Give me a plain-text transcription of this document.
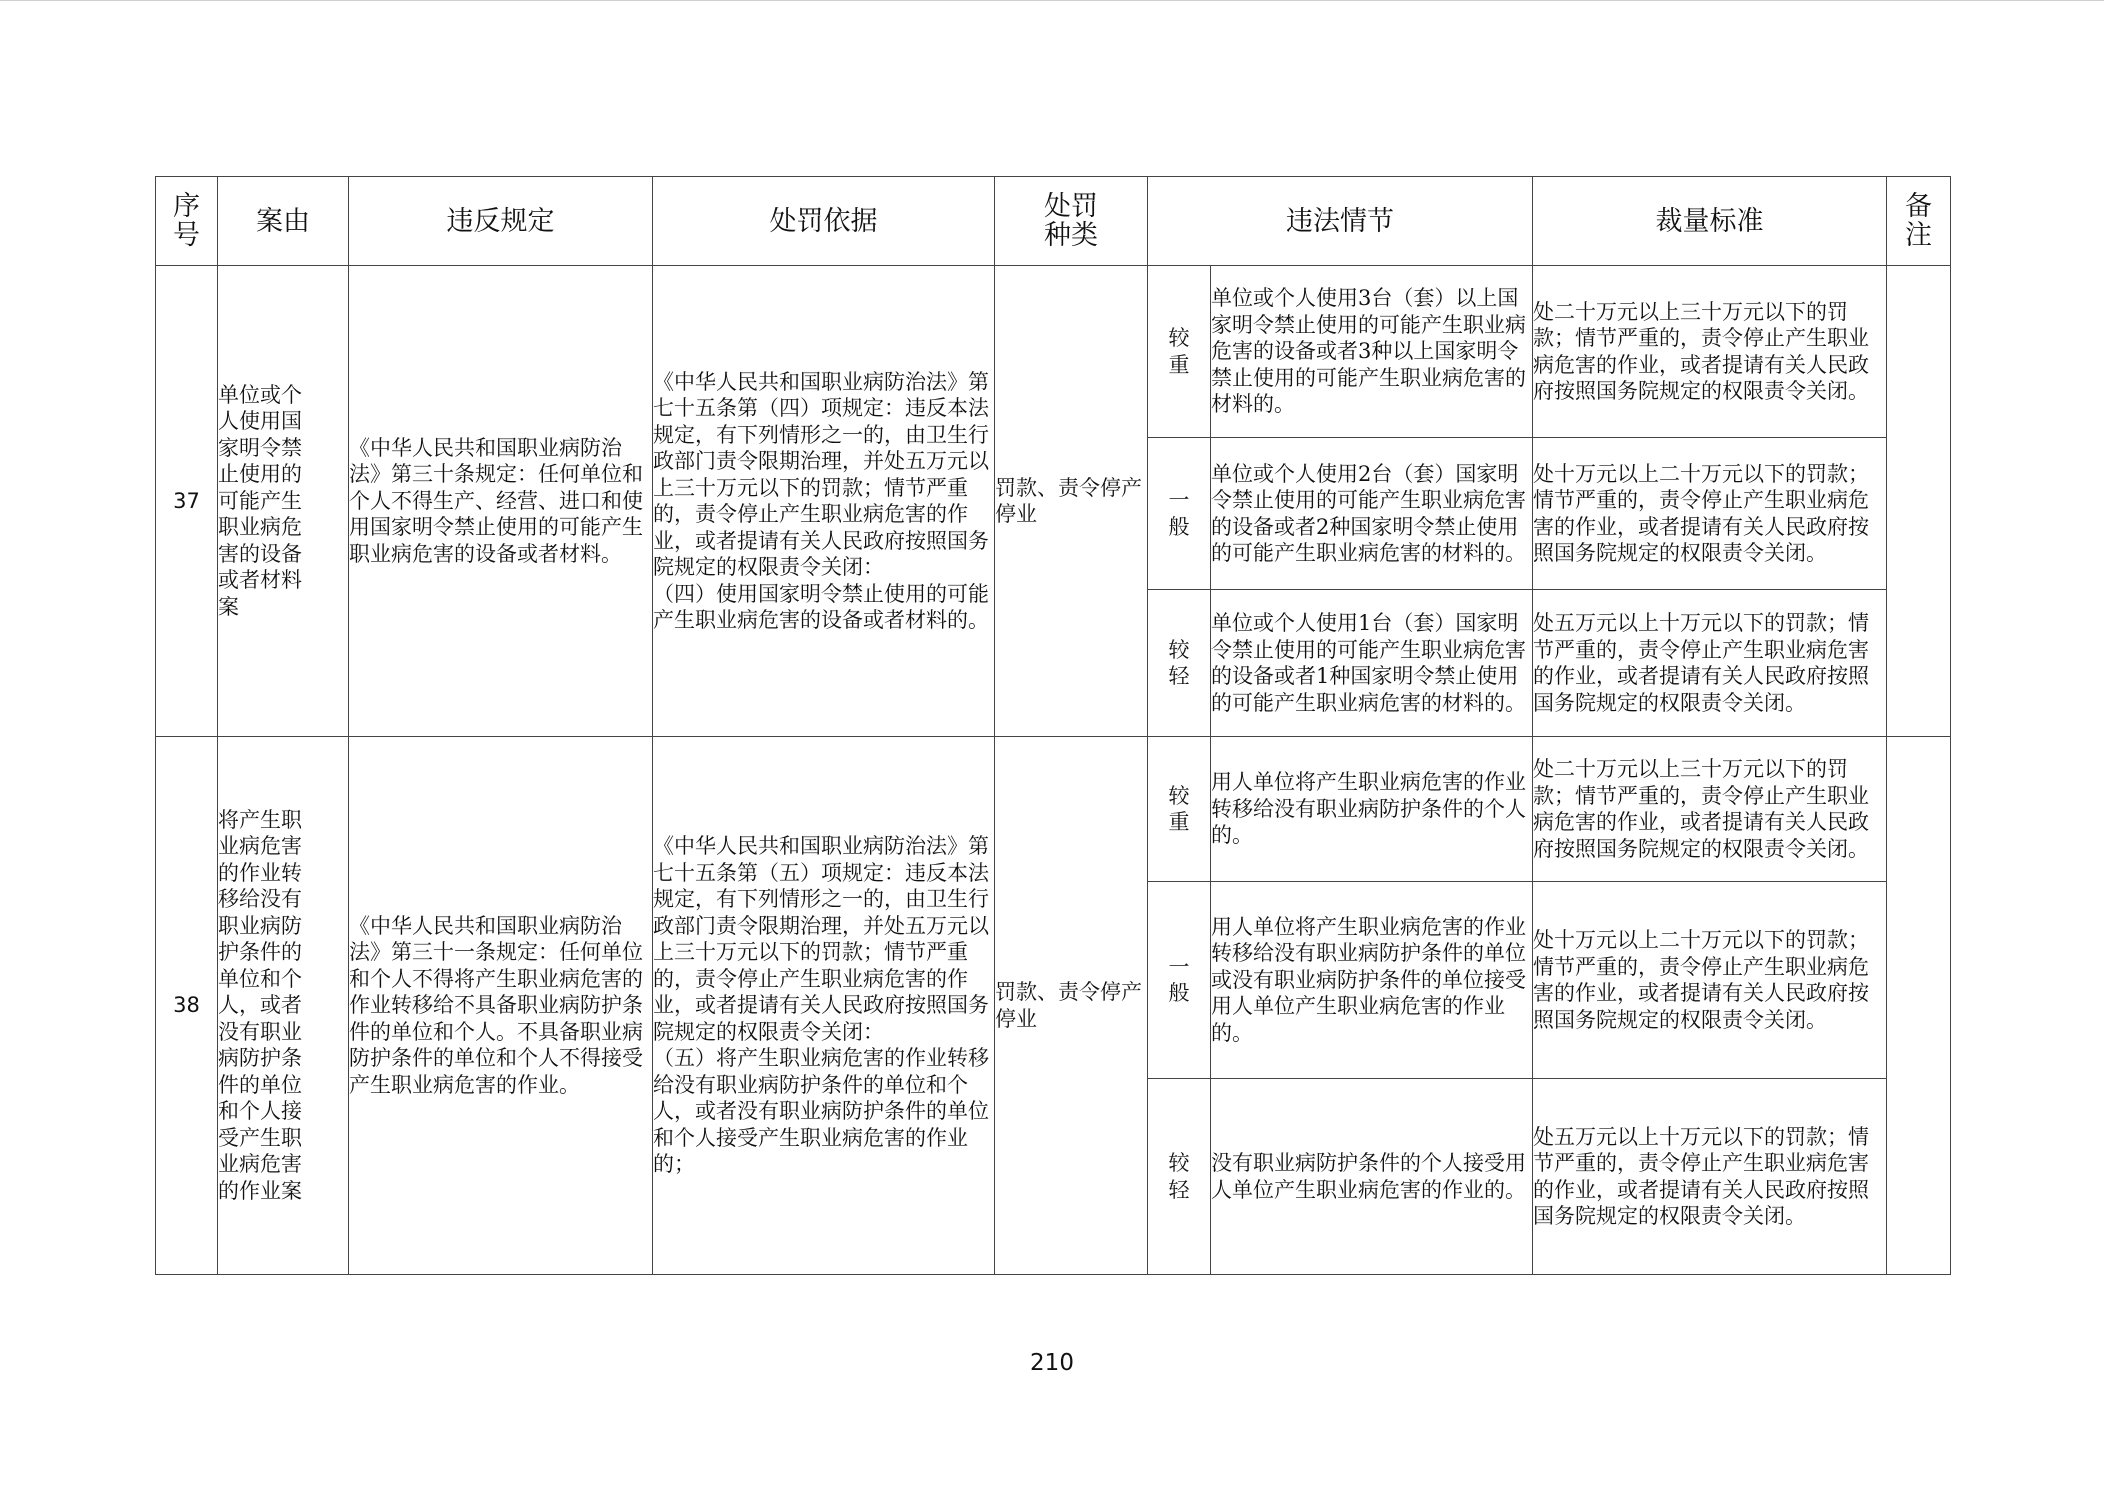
序号	案由	违反规定	处罚依据	处罚种类	违法情节		裁量标准	备注
37	单位或个人使用国家明令禁止使用的可能产生职业病危害的设备或者材料案	《中华人民共和国职业病防治法》第三十条规定：任何单位和个人不得生产、经营、进口和使用国家明令禁止使用的可能产生职业病危害的设备或者材料。	《中华人民共和国职业病防治法》第七十五条第（四）项规定：违反本法规定，有下列情形之一的，由卫生行政部门责令限期治理，并处五万元以上三十万元以下的罚款；情节严重的，责令停止产生职业病危害的作业，或者提请有关人民政府按照国务院规定的权限责令关闭：
（四）使用国家明令禁止使用的可能产生职业病危害的设备或者材料的。	罚款、责令停产停业	较重	单位或个人使用3台（套）以上国家明令禁止使用的可能产生职业病危害的设备或者3种以上国家明令禁止使用的可能产生职业病危害的材料的。	处二十万元以上三十万元以下的罚款；情节严重的，责令停止产生职业病危害的作业，或者提请有关人民政府按照国务院规定的权限责令关闭。	
					一般	单位或个人使用2台（套）国家明令禁止使用的可能产生职业病危害的设备或者2种国家明令禁止使用的可能产生职业病危害的材料的。	处十万元以上二十万元以下的罚款；情节严重的，责令停止产生职业病危害的作业，或者提请有关人民政府按照国务院规定的权限责令关闭。	
					较轻	单位或个人使用1台（套）国家明令禁止使用的可能产生职业病危害的设备或者1种国家明令禁止使用的可能产生职业病危害的材料的。	处五万元以上十万元以下的罚款；情节严重的，责令停止产生职业病危害的作业，或者提请有关人民政府按照国务院规定的权限责令关闭。	
38	将产生职业病危害的作业转移给没有职业病防护条件的单位和个人，或者没有职业病防护条件的单位和个人接受产生职业病危害的作业案	《中华人民共和国职业病防治法》第三十一条规定：任何单位和个人不得将产生职业病危害的作业转移给不具备职业病防护条件的单位和个人。不具备职业病防护条件的单位和个人不得接受产生职业病危害的作业。	《中华人民共和国职业病防治法》第七十五条第（五）项规定：违反本法规定，有下列情形之一的，由卫生行政部门责令限期治理，并处五万元以上三十万元以下的罚款；情节严重的，责令停止产生职业病危害的作业，或者提请有关人民政府按照国务院规定的权限责令关闭：
（五）将产生职业病危害的作业转移给没有职业病防护条件的单位和个人，或者没有职业病防护条件的单位和个人接受产生职业病危害的作业的；	罚款、责令停产停业	较重	用人单位将产生职业病危害的作业转移给没有职业病防护条件的个人的。	处二十万元以上三十万元以下的罚款；情节严重的，责令停止产生职业病危害的作业，或者提请有关人民政府按照国务院规定的权限责令关闭。	
					一般	用人单位将产生职业病危害的作业转移给没有职业病防护条件的单位或没有职业病防护条件的单位接受用人单位产生职业病危害的作业的。	处十万元以上二十万元以下的罚款；情节严重的，责令停止产生职业病危害的作业，或者提请有关人民政府按照国务院规定的权限责令关闭。	
					较轻	没有职业病防护条件的个人接受用人单位产生职业病危害的作业的。	处五万元以上十万元以下的罚款；情节严重的，责令停止产生职业病危害的作业，或者提请有关人民政府按照国务院规定的权限责令关闭。	
210
